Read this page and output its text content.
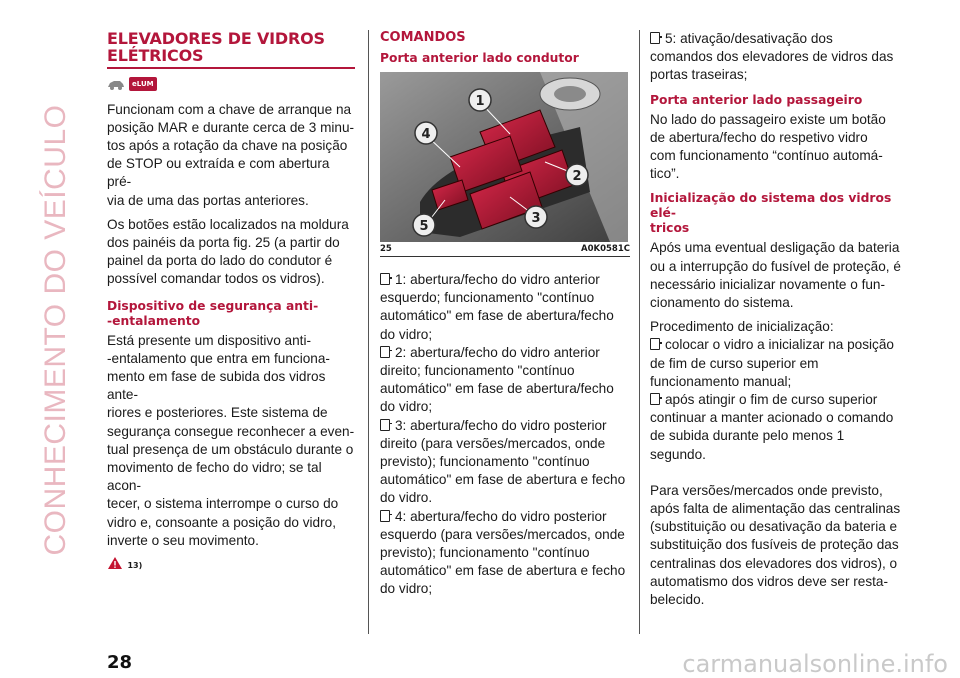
CONHECIMENTO DO VEÍCULO
ELEVADORES DE VIDROS
ELÉTRICOS
eLUM
Funcionam com a chave de arranque na
posição MAR e durante cerca de 3 minu-
tos após a rotação da chave na posição
de STOP ou extraída e com abertura pré-
via de uma das portas anteriores.
Os botões estão localizados na moldura
dos painéis da porta fig. 25 (a partir do
painel da porta do lado do condutor é
possível comandar todos os vidros).
Dispositivo de segurança anti-
-entalamento
Está presente um dispositivo anti-
-entalamento que entra em funciona-
mento em fase de subida dos vidros ante-
riores e posteriores. Este sistema de
segurança consegue reconhecer a even-
tual presença de um obstáculo durante o
movimento de fecho do vidro; se tal acon-
tecer, o sistema interrompe o curso do
vidro e, consoante a posição do vidro,
inverte o seu movimento.
13)
COMANDOS
Porta anterior lado condutor
1
2
3
4
5
25	A0K0581C
1: abertura/fecho do vidro anterior
esquerdo; funcionamento "contínuo
automático" em fase de abertura/fecho
do vidro;
2: abertura/fecho do vidro anterior
direito; funcionamento "contínuo
automático" em fase de abertura/fecho
do vidro;
3: abertura/fecho do vidro posterior
direito (para versões/mercados, onde
previsto); funcionamento "contínuo
automático" em fase de abertura e fecho
do vidro.
4: abertura/fecho do vidro posterior
esquerdo (para versões/mercados, onde
previsto); funcionamento "contínuo
automático" em fase de abertura e fecho
do vidro;
5: ativação/desativação dos
comandos dos elevadores de vidros das
portas traseiras;
Porta anterior lado passageiro
No lado do passageiro existe um botão
de abertura/fecho do respetivo vidro
com funcionamento “contínuo automá-
tico”.
Inicialização do sistema dos vidros elé-
tricos
Após uma eventual desligação da bateria
ou a interrupção do fusível de proteção, é
necessário inicializar novamente o fun-
cionamento do sistema.
Procedimento de inicialização:
colocar o vidro a inicializar na posição
de fim de curso superior em
funcionamento manual;
após atingir o fim de curso superior
continuar a manter acionado o comando
de subida durante pelo menos 1 segundo.
Para versões/mercados onde previsto,
após falta de alimentação das centralinas
(substituição ou desativação da bateria e
substituição dos fusíveis de proteção das
centralinas dos elevadores dos vidros), o
automatismo dos vidros deve ser resta-
belecido.
28	carmanualsonline.info
